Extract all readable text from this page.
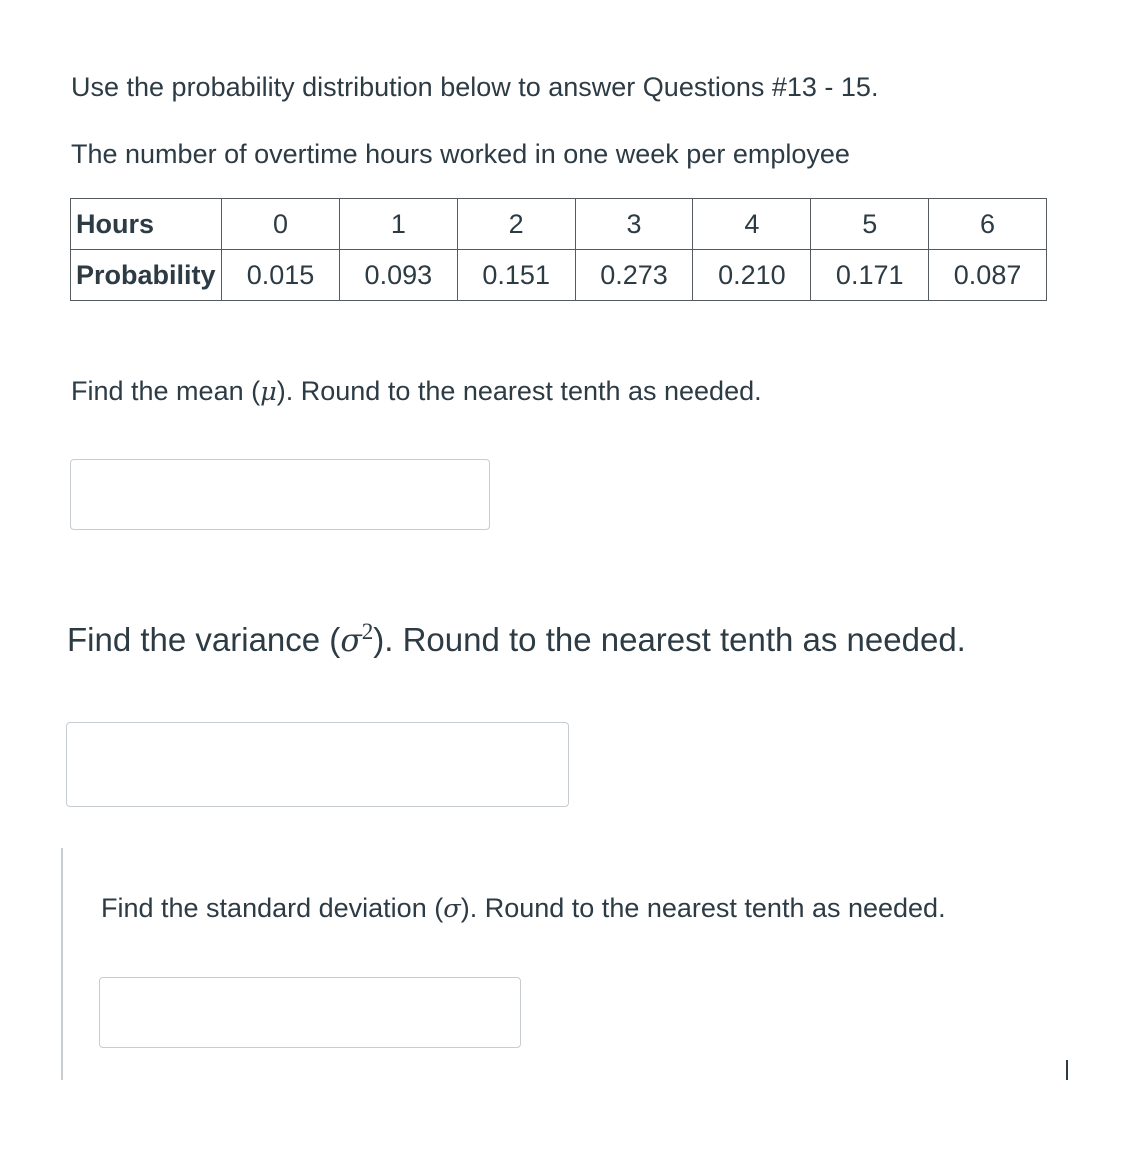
Use the probability distribution below to answer Questions #13 - 15.

The number of overtime hours worked in one week per employee

Hours	0	1	2	3	4	5	6
Probability	0.015	0.093	0.151	0.273	0.210	0.171	0.087

Find the mean (μ). Round to the nearest tenth as needed.

Find the variance $(\sigma^2)$. Round to the nearest tenth as needed.

Find the standard deviation (σ). Round to the nearest tenth as needed.
